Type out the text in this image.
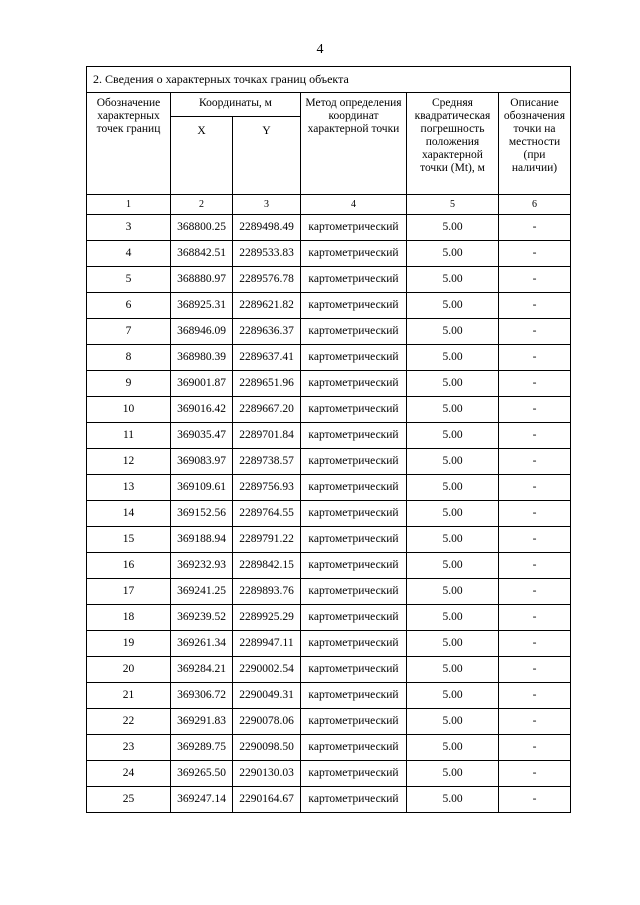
4
2. Сведения о характерных точках границ объекта					
Обозначение характерных точек границ	Координаты, м		Метод определения координат характерной точки	Средняя квадратическая погрешность положения характерной точки (Mt), м	Описание обозначения точки на местности (при наличии)
	X	Y			
1	2	3	4	5	6
3	368800.25	2289498.49	картометрический	5.00	-
4	368842.51	2289533.83	картометрический	5.00	-
5	368880.97	2289576.78	картометрический	5.00	-
6	368925.31	2289621.82	картометрический	5.00	-
7	368946.09	2289636.37	картометрический	5.00	-
8	368980.39	2289637.41	картометрический	5.00	-
9	369001.87	2289651.96	картометрический	5.00	-
10	369016.42	2289667.20	картометрический	5.00	-
11	369035.47	2289701.84	картометрический	5.00	-
12	369083.97	2289738.57	картометрический	5.00	-
13	369109.61	2289756.93	картометрический	5.00	-
14	369152.56	2289764.55	картометрический	5.00	-
15	369188.94	2289791.22	картометрический	5.00	-
16	369232.93	2289842.15	картометрический	5.00	-
17	369241.25	2289893.76	картометрический	5.00	-
18	369239.52	2289925.29	картометрический	5.00	-
19	369261.34	2289947.11	картометрический	5.00	-
20	369284.21	2290002.54	картометрический	5.00	-
21	369306.72	2290049.31	картометрический	5.00	-
22	369291.83	2290078.06	картометрический	5.00	-
23	369289.75	2290098.50	картометрический	5.00	-
24	369265.50	2290130.03	картометрический	5.00	-
25	369247.14	2290164.67	картометрический	5.00	-
